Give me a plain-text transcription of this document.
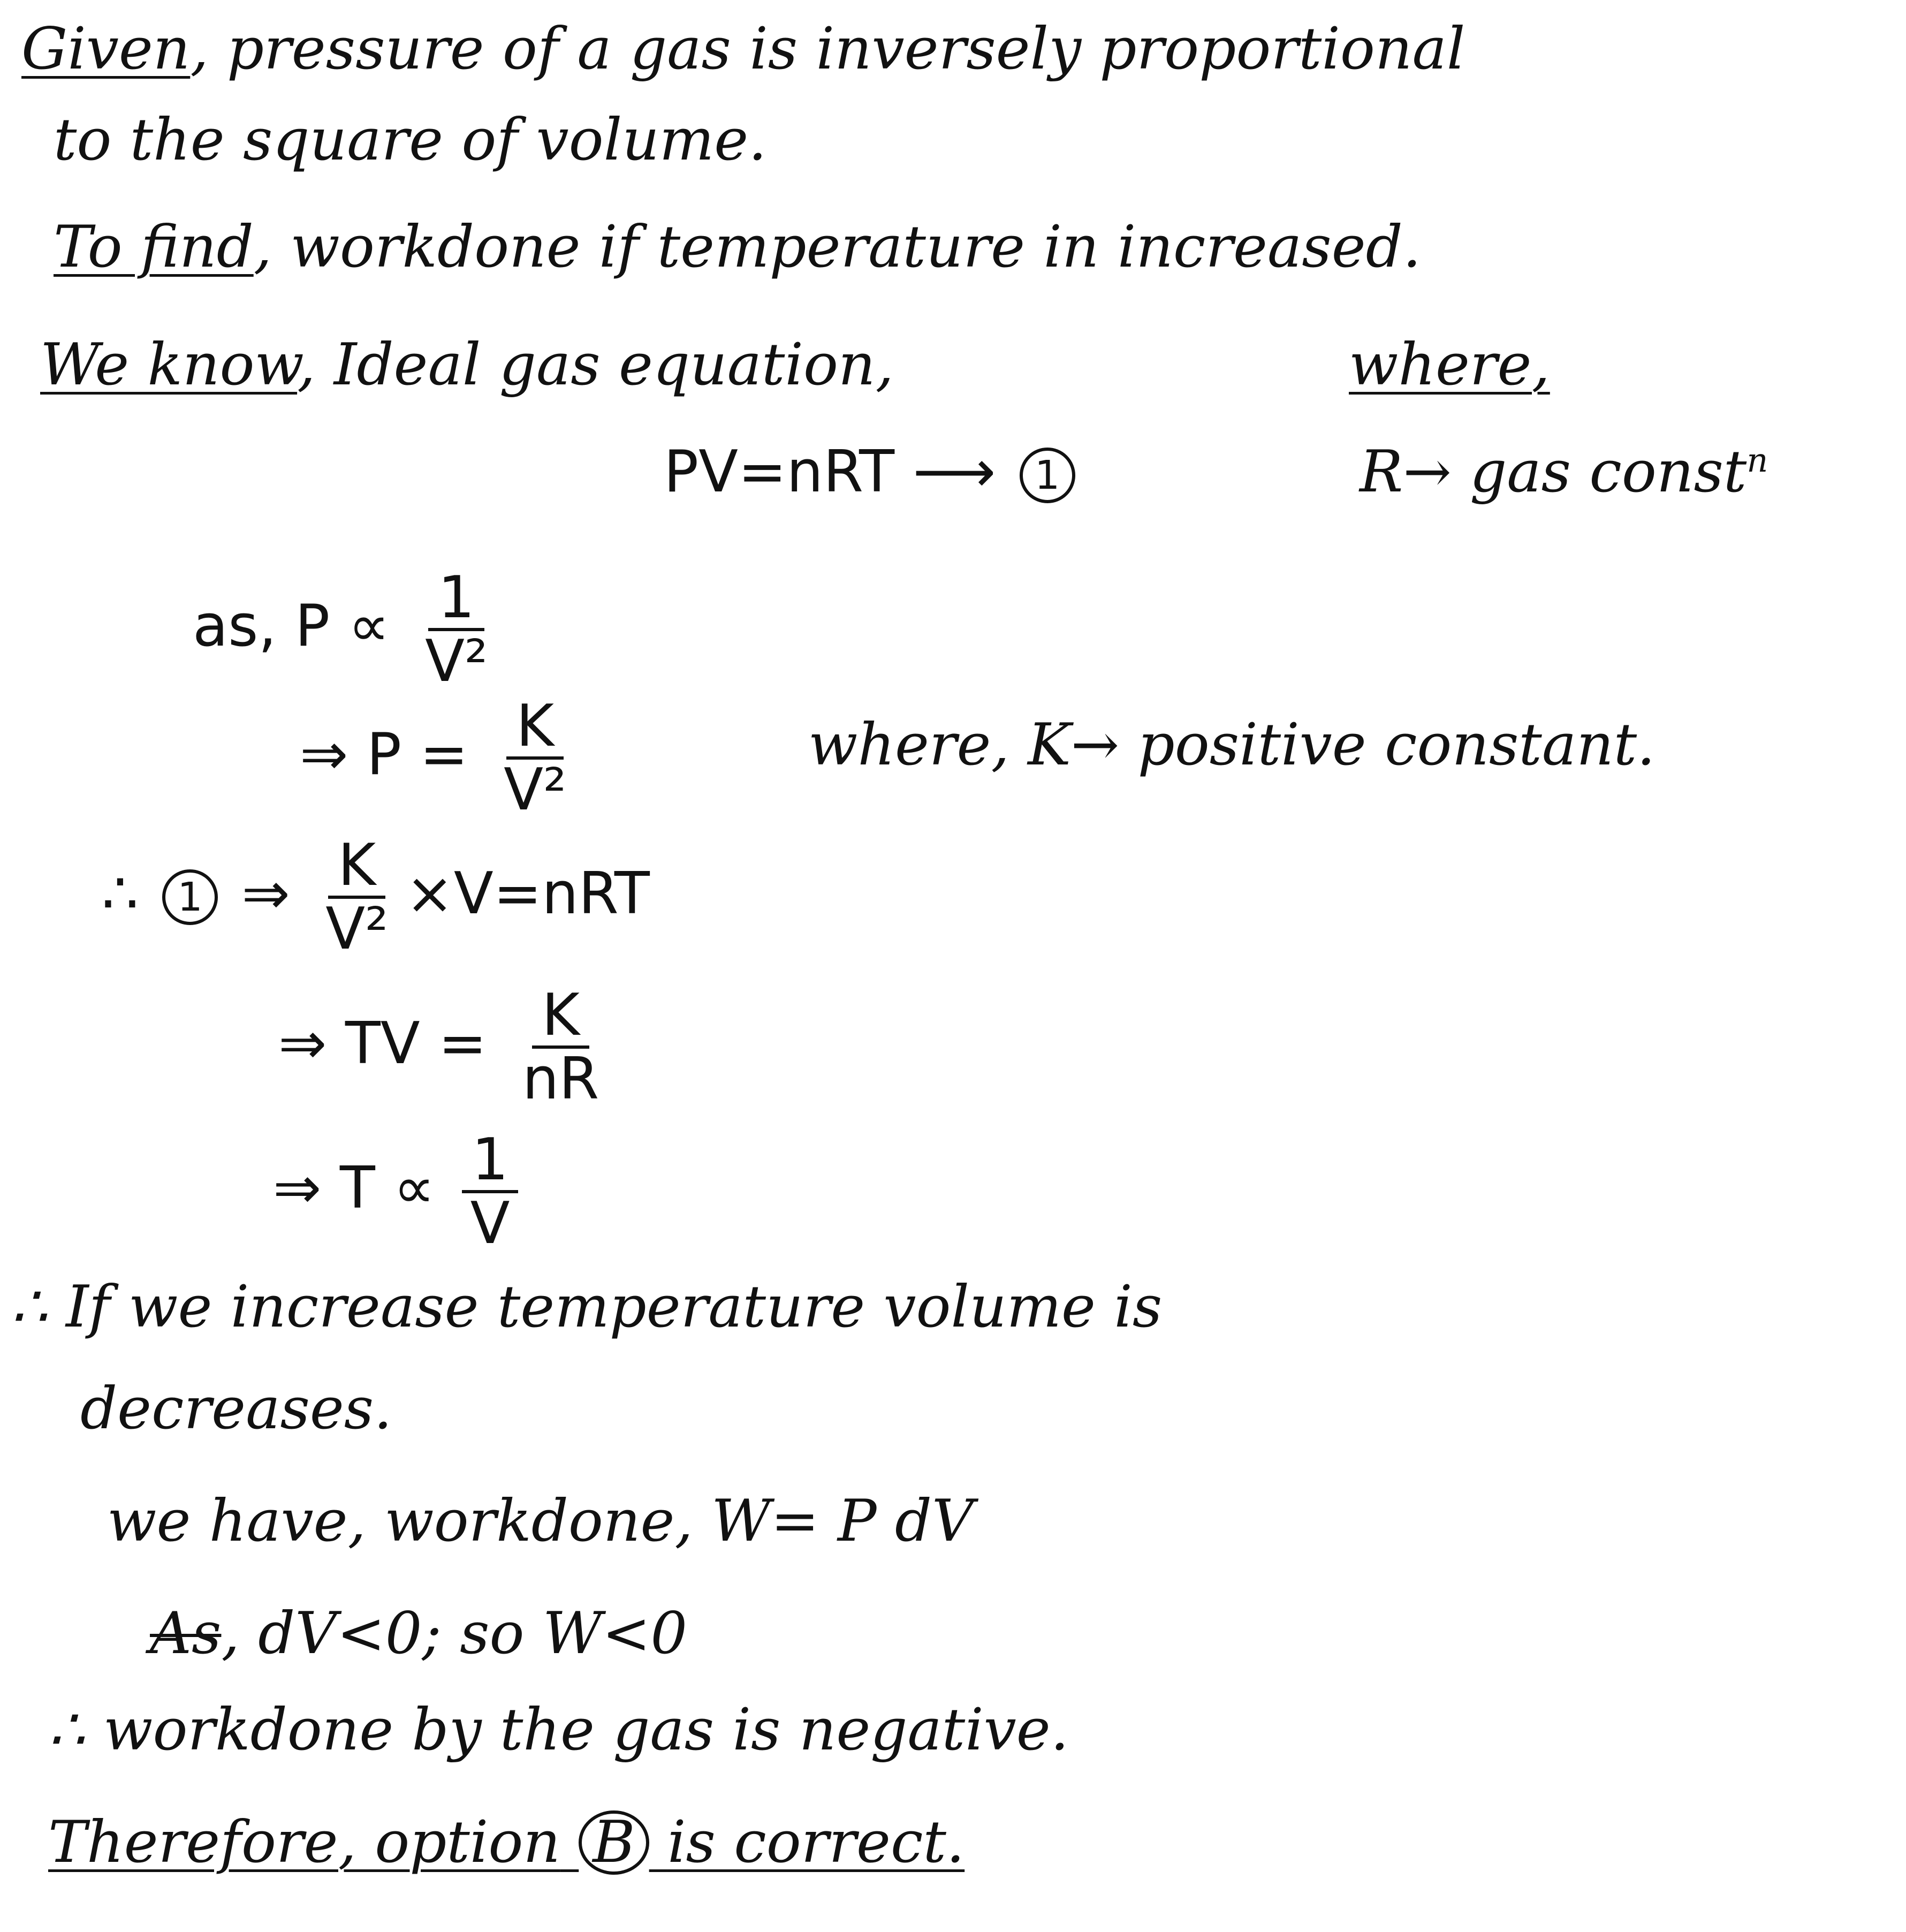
Given, pressure of a gas is inversely proportional
to the square of volume.
To find, workdone if temperature in increased.
We know, Ideal gas equation,	where,
PV=nRT ⟶ 1	R→ gas const$^n$
as, $P \propto \frac{1}{\text{V²}}$
⇒ $P = \frac{K}{\text{V²}}$	where, K→ positive constant.
∴ 1 ⇒ $\frac{K}{\text{V²}} \times V=nRT$
⇒ TV = $\frac{K}{nR}$
⇒ $T \propto \frac{1}{V}$
∴ If we increase temperature volume is
decreases.
we have, workdone, W= P dV
As, dV<0; so W<0
∴ workdone by the gas is negative.
Therefore, option B is correct.
